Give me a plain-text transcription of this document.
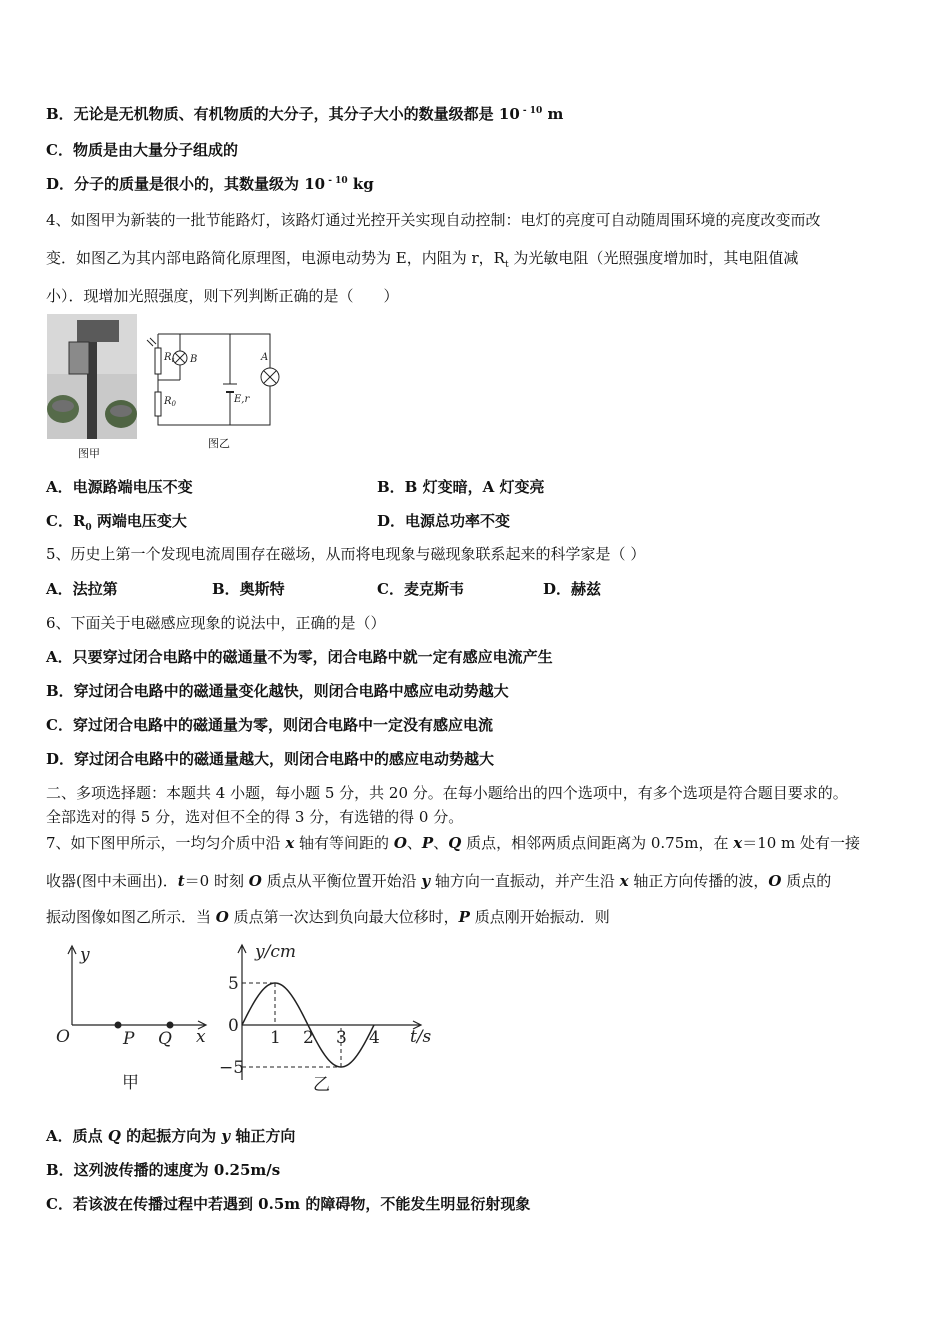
B．无论是无机物质、有机物质的大分子，其分子大小的数量级都是 10 $^{- 10}$ m
C．物质是由大量分子组成的
D．分子的质量是很小的，其数量级为 10 $^{- 10}$ kg
4、如图甲为新装的一批节能路灯，该路灯通过光控开关实现自动控制：电灯的亮度可自动随周围环境的亮度改变而改
变．如图乙为其内部电路简化原理图，电源电动势为 E，内阻为 r，$R_t$ 为光敏电阻（光照强度增加时，其电阻值减
小）．现增加光照强度，则下列判断正确的是（　　）
图甲
$R_t$ B
$R_0$	E,r
A
图乙
A．电源路端电压不变	B．B 灯变暗，A 灯变亮
C．$R_0$ 两端电压变大	D．电源总功率不变
5、历史上第一个发现电流周围存在磁场，从而将电现象与磁现象联系起来的科学家是（ ）
A．法拉第	B．奥斯特	C．麦克斯韦	D．赫兹
6、下面关于电磁感应现象的说法中，正确的是（）
A．只要穿过闭合电路中的磁通量不为零，闭合电路中就一定有感应电流产生
B．穿过闭合电路中的磁通量变化越快，则闭合电路中感应电动势越大
C．穿过闭合电路中的磁通量为零，则闭合电路中一定没有感应电流
D．穿过闭合电路中的磁通量越大，则闭合电路中的感应电动势越大
二、多项选择题：本题共 4 小题，每小题 5 分，共 20 分。在每小题给出的四个选项中，有多个选项是符合题目要求的。
全部选对的得 5 分，选对但不全的得 3 分，有选错的得 0 分。
7、如下图甲所示，一均匀介质中沿 x 轴有等间距的 O、P、Q 质点，相邻两质点间距离为 0.75m，在 x＝10 m 处有一接
收器(图中未画出)．t＝0 时刻 O 质点从平衡位置开始沿 y 轴方向一直振动，并产生沿 x 轴正方向传播的波，O 质点的
振动图像如图乙所示．当 O 质点第一次达到负向最大位移时，P 质点刚开始振动．则
y
O	P Q x
甲
1 2 3 4
5
0
−5
y/cm
t/s
乙
A．质点 Q 的起振方向为 y 轴正方向
B．这列波传播的速度为 0.25m/s
C．若该波在传播过程中若遇到 0.5m 的障碍物，不能发生明显衍射现象
